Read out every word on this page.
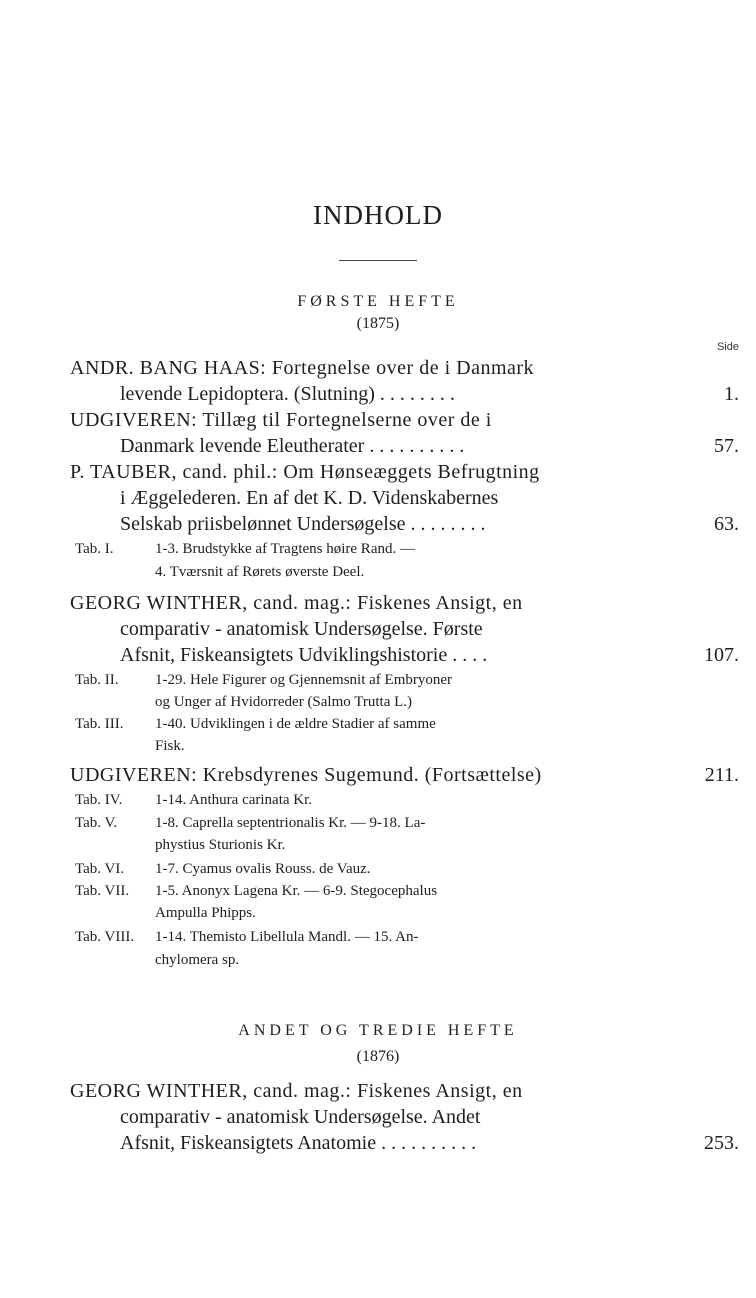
INDHOLD
FØRSTE HEFTE
(1875)
Side
ANDR. BANG HAAS: Fortegnelse over de i Danmark
levende Lepidoptera. (Slutning) . . . . . . . .	1.
UDGIVEREN: Tillæg til Fortegnelserne over de i
Danmark levende Eleutherater . . . . . . . . . .	57.
P. TAUBER, cand. phil.: Om Hønseæggets Befrugtning
i Æggelederen. En af det K. D. Videnskabernes
Selskab priisbelønnet Undersøgelse . . . . . . . .	63.
Tab. I.	1-3. Brudstykke af Tragtens høire Rand. —
4. Tværsnit af Rørets øverste Deel.
GEORG WINTHER, cand. mag.: Fiskenes Ansigt, en
comparativ - anatomisk Undersøgelse. Første
Afsnit, Fiskeansigtets Udviklingshistorie . . . .	107.
Tab. II. 1-29. Hele Figurer og Gjennemsnit af Embryoner
og Unger af Hvidorreder (Salmo Trutta L.)
Tab. III. 1-40. Udviklingen i de ældre Stadier af samme
Fisk.
UDGIVEREN: Krebsdyrenes Sugemund. (Fortsættelse)	211.
Tab. IV. 1-14. Anthura carinata Kr.
Tab. V.	1-8. Caprella septentrionalis Kr. — 9-18. La-
phystius Sturionis Kr.
Tab. VI. 1-7. Cyamus ovalis Rouss. de Vauz.
Tab. VII. 1-5. Anonyx Lagena Kr. — 6-9. Stegocephalus
Ampulla Phipps.
Tab. VIII. 1-14. Themisto Libellula Mandl. — 15. An-
chylomera sp.
ANDET OG TREDIE HEFTE
(1876)
GEORG WINTHER, cand. mag.: Fiskenes Ansigt, en
comparativ - anatomisk Undersøgelse. Andet
Afsnit, Fiskeansigtets Anatomie . . . . . . . . . .	253.
